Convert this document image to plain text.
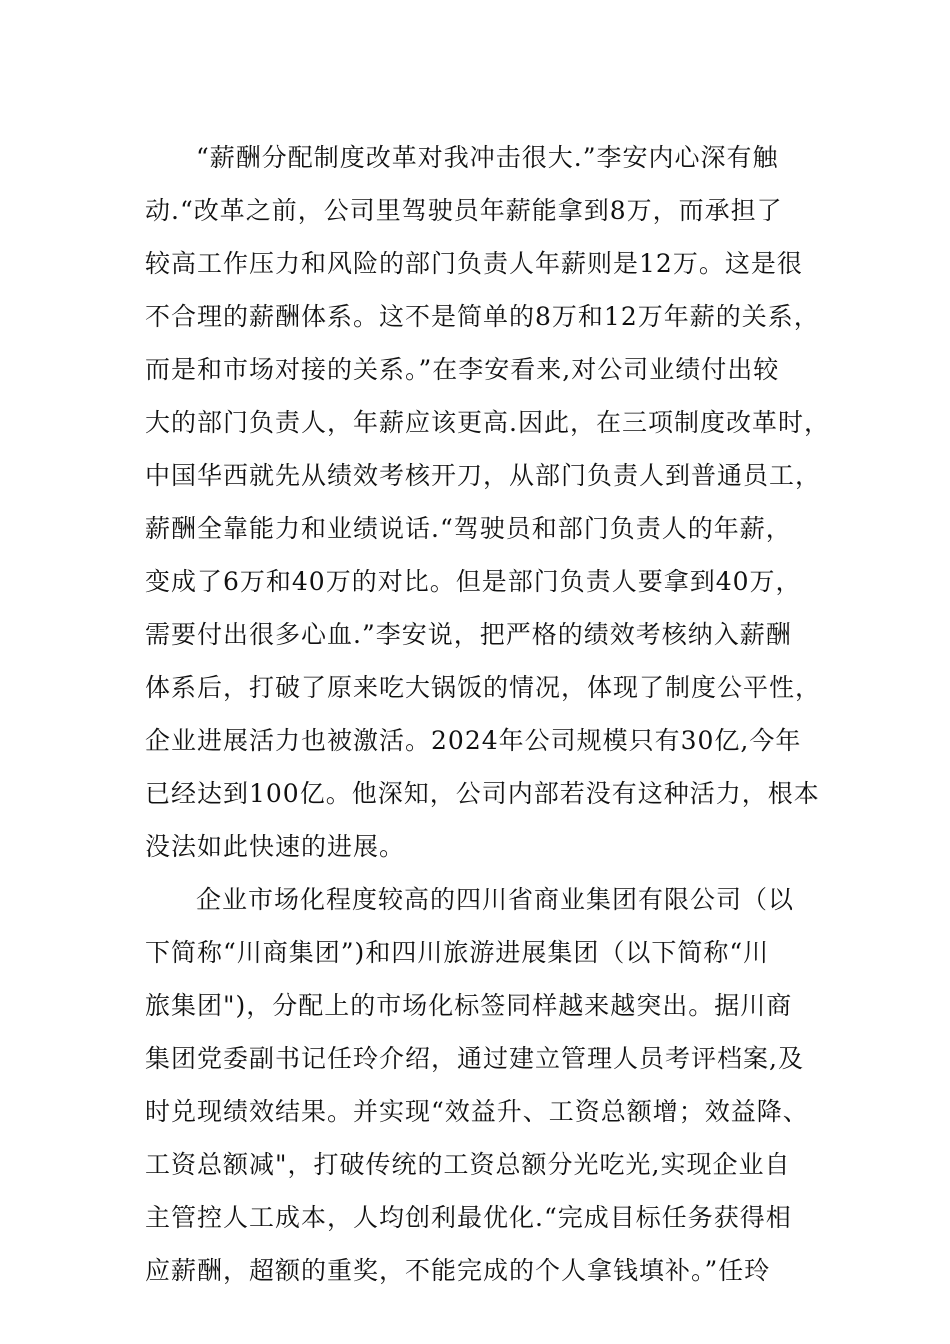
“薪酬分配制度改革对我冲击很大.”李安内心深有触

动.“改革之前，公司里驾驶员年薪能拿到8万，而承担了

较高工作压力和风险的部门负责人年薪则是12万。这是很

不合理的薪酬体系。这不是简单的8万和12万年薪的关系，

而是和市场对接的关系。”在李安看来,对公司业绩付出较

大的部门负责人，年薪应该更高.因此，在三项制度改革时，

中国华西就先从绩效考核开刀，从部门负责人到普通员工，

薪酬全靠能力和业绩说话.“驾驶员和部门负责人的年薪，

变成了6万和40万的对比。但是部门负责人要拿到40万，

需要付出很多心血.”李安说，把严格的绩效考核纳入薪酬

体系后，打破了原来吃大锅饭的情况，体现了制度公平性，

企业进展活力也被激活。2024年公司规模只有30亿,今年

已经达到100亿。他深知，公司内部若没有这种活力，根本

没法如此快速的进展。

企业市场化程度较高的四川省商业集团有限公司（以

下简称“川商集团”)和四川旅游进展集团（以下简称“川

旅集团")，分配上的市场化标签同样越来越突出。据川商

集团党委副书记任玲介绍，通过建立管理人员考评档案,及

时兑现绩效结果。并实现“效益升、工资总额增；效益降、

工资总额减"，打破传统的工资总额分光吃光,实现企业自

主管控人工成本，人均创利最优化.“完成目标任务获得相

应薪酬，超额的重奖，不能完成的个人拿钱填补。”任玲
